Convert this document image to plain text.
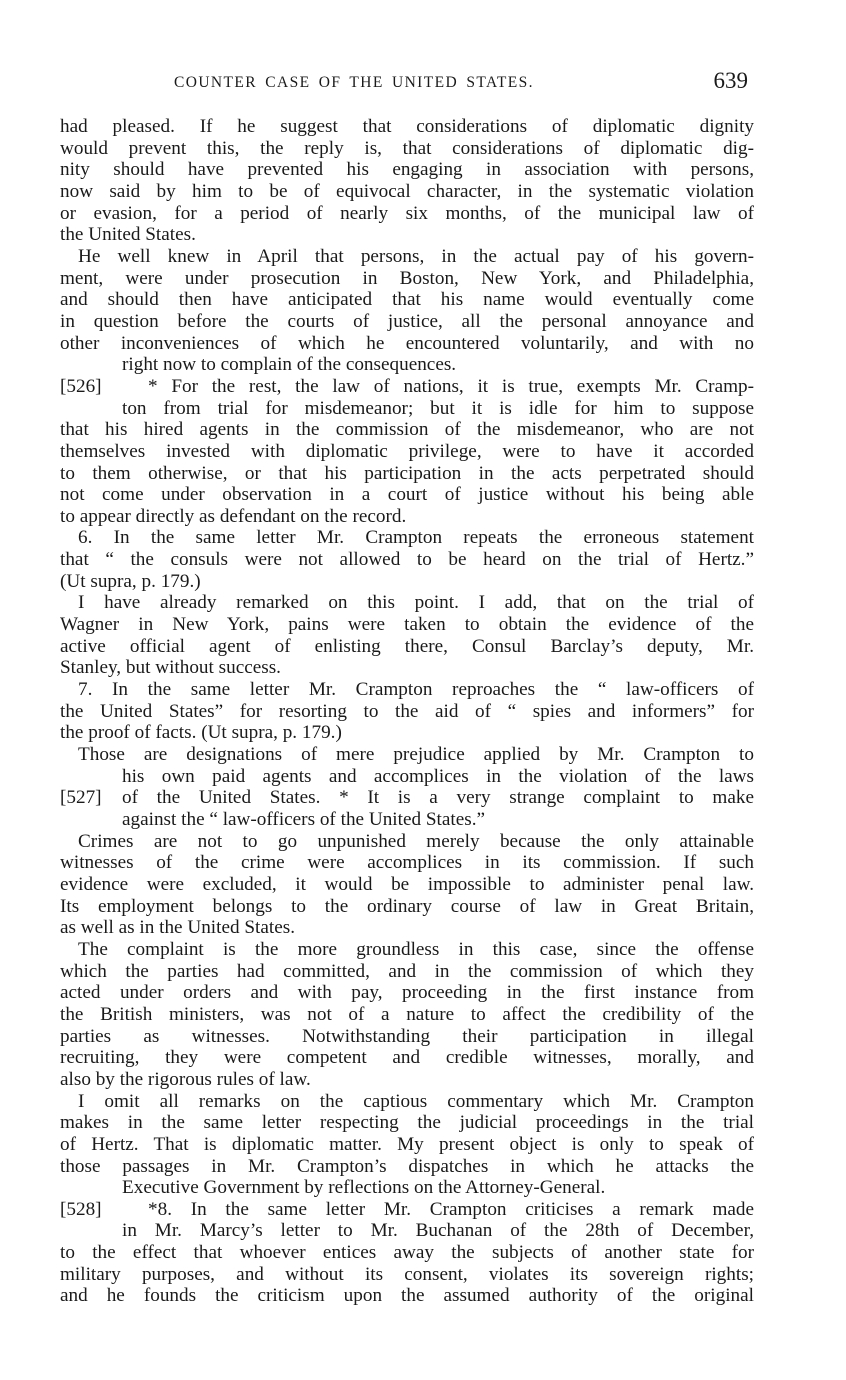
COUNTER CASE OF THE UNITED STATES.	639
had pleased. If he suggest that considerations of diplomatic dignity
would prevent this, the reply is, that considerations of diplomatic dig-
nity should have prevented his engaging in association with persons,
now said by him to be of equivocal character, in the systematic violation
or evasion, for a period of nearly six months, of the municipal law of
the United States.
He well knew in April that persons, in the actual pay of his govern-
ment, were under prosecution in Boston, New York, and Philadelphia,
and should then have anticipated that his name would eventually come
in question before the courts of justice, all the personal annoyance and
other inconveniences of which he encountered voluntarily, and with no
right now to complain of the consequences.
[526]	* For the rest, the law of nations, it is true, exempts Mr. Cramp-
ton from trial for misdemeanor; but it is idle for him to suppose
that his hired agents in the commission of the misdemeanor, who are not
themselves invested with diplomatic privilege, were to have it accorded
to them otherwise, or that his participation in the acts perpetrated should
not come under observation in a court of justice without his being able
to appear directly as defendant on the record.
6. In the same letter Mr. Crampton repeats the erroneous statement
that “ the consuls were not allowed to be heard on the trial of Hertz.”
(Ut supra, p. 179.)
I have already remarked on this point. I add, that on the trial of
Wagner in New York, pains were taken to obtain the evidence of the
active official agent of enlisting there, Consul Barclay’s deputy, Mr.
Stanley, but without success.
7. In the same letter Mr. Crampton reproaches the “ law-officers of
the United States” for resorting to the aid of “ spies and informers” for
the proof of facts. (Ut supra, p. 179.)
Those are designations of mere prejudice applied by Mr. Crampton to
his own paid agents and accomplices in the violation of the laws
[527]	of the United States. * It is a very strange complaint to make
against the “ law-officers of the United States.”
Crimes are not to go unpunished merely because the only attainable
witnesses of the crime were accomplices in its commission. If such
evidence were excluded, it would be impossible to administer penal law.
Its employment belongs to the ordinary course of law in Great Britain,
as well as in the United States.
The complaint is the more groundless in this case, since the offense
which the parties had committed, and in the commission of which they
acted under orders and with pay, proceeding in the first instance from
the British ministers, was not of a nature to affect the credibility of the
parties as witnesses. Notwithstanding their participation in illegal
recruiting, they were competent and credible witnesses, morally, and
also by the rigorous rules of law.
I omit all remarks on the captious commentary which Mr. Crampton
makes in the same letter respecting the judicial proceedings in the trial
of Hertz. That is diplomatic matter. My present object is only to speak of
those passages in Mr. Crampton’s dispatches in which he attacks the
Executive Government by reflections on the Attorney-General.
[528]	*8. In the same letter Mr. Crampton criticises a remark made
in Mr. Marcy’s letter to Mr. Buchanan of the 28th of December,
to the effect that whoever entices away the subjects of another state for
military purposes, and without its consent, violates its sovereign rights;
and he founds the criticism upon the assumed authority of the original
